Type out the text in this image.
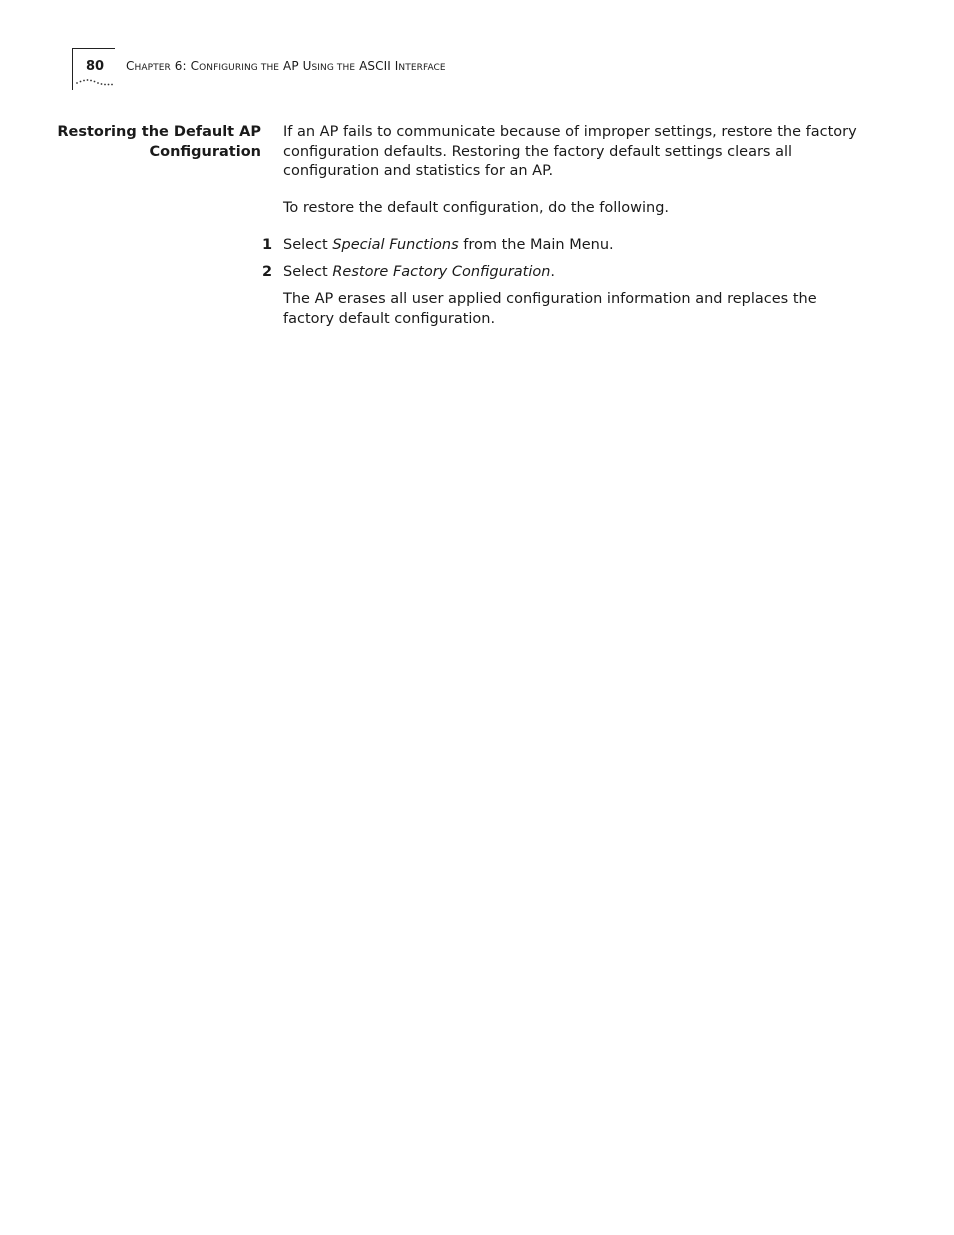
80 CHAPTER 6: CONFIGURING THE AP USING THE ASCII INTERFACE
Restoring the Default AP
Configuration
If an AP fails to communicate because of improper settings, restore the factory configuration defaults. Restoring the factory default settings clears all configuration and statistics for an AP.
To restore the default configuration, do the following.
1 Select Special Functions from the Main Menu.
2 Select Restore Factory Configuration.
The AP erases all user applied configuration information and replaces the factory default configuration.
